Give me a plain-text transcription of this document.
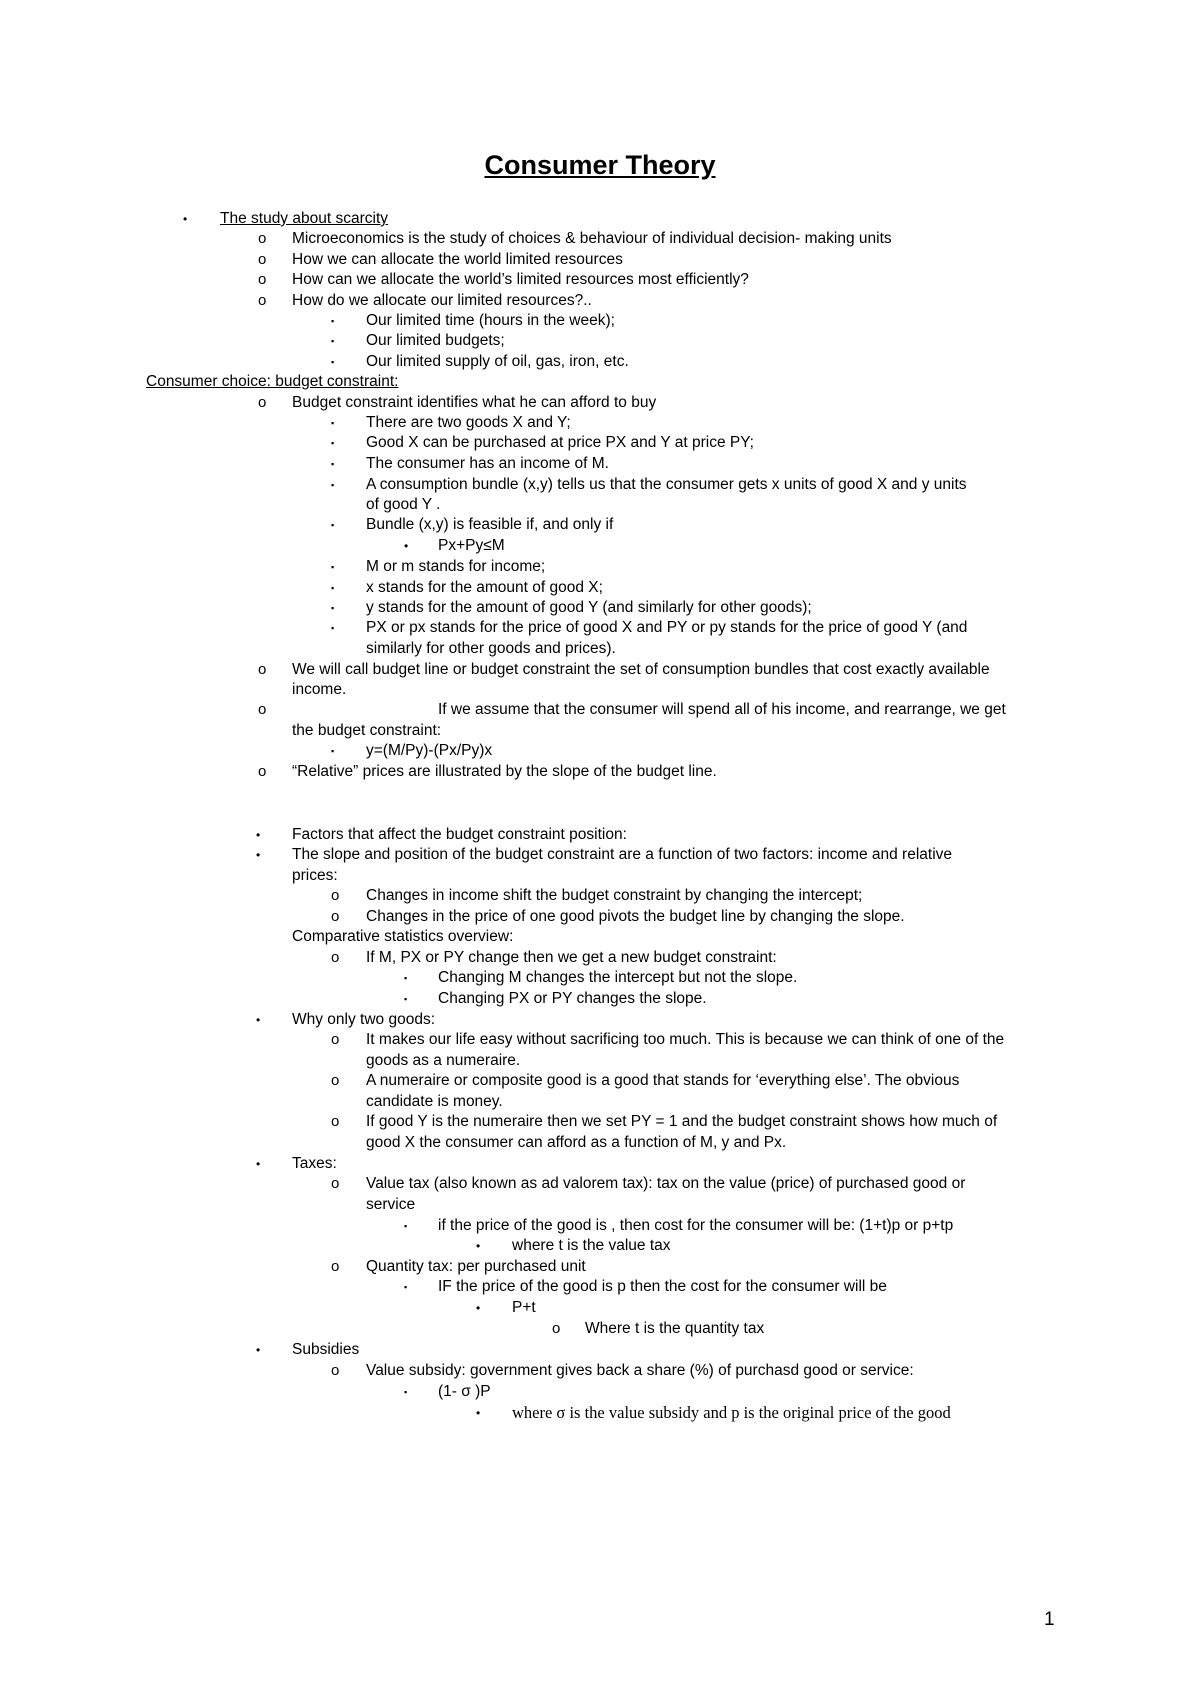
Consumer Theory
• The study about scarcity
o Microeconomics is the study of choices & behaviour of individual decision- making units
o How we can allocate the world limited resources
o How can we allocate the world’s limited resources most efficiently?
o How do we allocate our limited resources?..
▪ Our limited time (hours in the week);
▪ Our limited budgets;
▪ Our limited supply of oil, gas, iron, etc.
Consumer choice: budget constraint:
o Budget constraint identifies what he can afford to buy
▪ There are two goods X and Y;
▪ Good X can be purchased at price PX and Y at price PY;
▪ The consumer has an income of M.
▪ A consumption bundle (x,y) tells us that the consumer gets x units of good X and y units
of good Y .
▪ Bundle (x,y) is feasible if, and only if
• Px+Py≤M
▪ M or m stands for income;
▪ x stands for the amount of good X;
▪ y stands for the amount of good Y (and similarly for other goods);
▪ PX or px stands for the price of good X and PY or py stands for the price of good Y (and
similarly for other goods and prices).
o We will call budget line or budget constraint the set of consumption bundles that cost exactly available
income.
o	If we assume that the consumer will spend all of his income, and rearrange, we get
the budget constraint:
▪ y=(M/Py)-(Px/Py)x
o “Relative” prices are illustrated by the slope of the budget line.
• Factors that affect the budget constraint position:
• The slope and position of the budget constraint are a function of two factors: income and relative
prices:
o Changes in income shift the budget constraint by changing the intercept;
o Changes in the price of one good pivots the budget line by changing the slope.
Comparative statistics overview:
o If M, PX or PY change then we get a new budget constraint:
▪ Changing M changes the intercept but not the slope.
▪ Changing PX or PY changes the slope.
• Why only two goods:
o It makes our life easy without sacrificing too much. This is because we can think of one of the
goods as a numeraire.
o A numeraire or composite good is a good that stands for ‘everything else’. The obvious
candidate is money.
o If good Y is the numeraire then we set PY = 1 and the budget constraint shows how much of
good X the consumer can afford as a function of M, y and Px.
• Taxes:
o Value tax (also known as ad valorem tax): tax on the value (price) of purchased good or
service
▪ if the price of the good is , then cost for the consumer will be: (1+t)p or p+tp
• where t is the value tax
o Quantity tax: per purchased unit
▪ IF the price of the good is p then the cost for the consumer will be
• P+t
o Where t is the quantity tax
• Subsidies
o Value subsidy: government gives back a share (%) of purchasd good or service:
▪ (1- σ )P
• where σ is the value subsidy and p is the original price of the good
1
